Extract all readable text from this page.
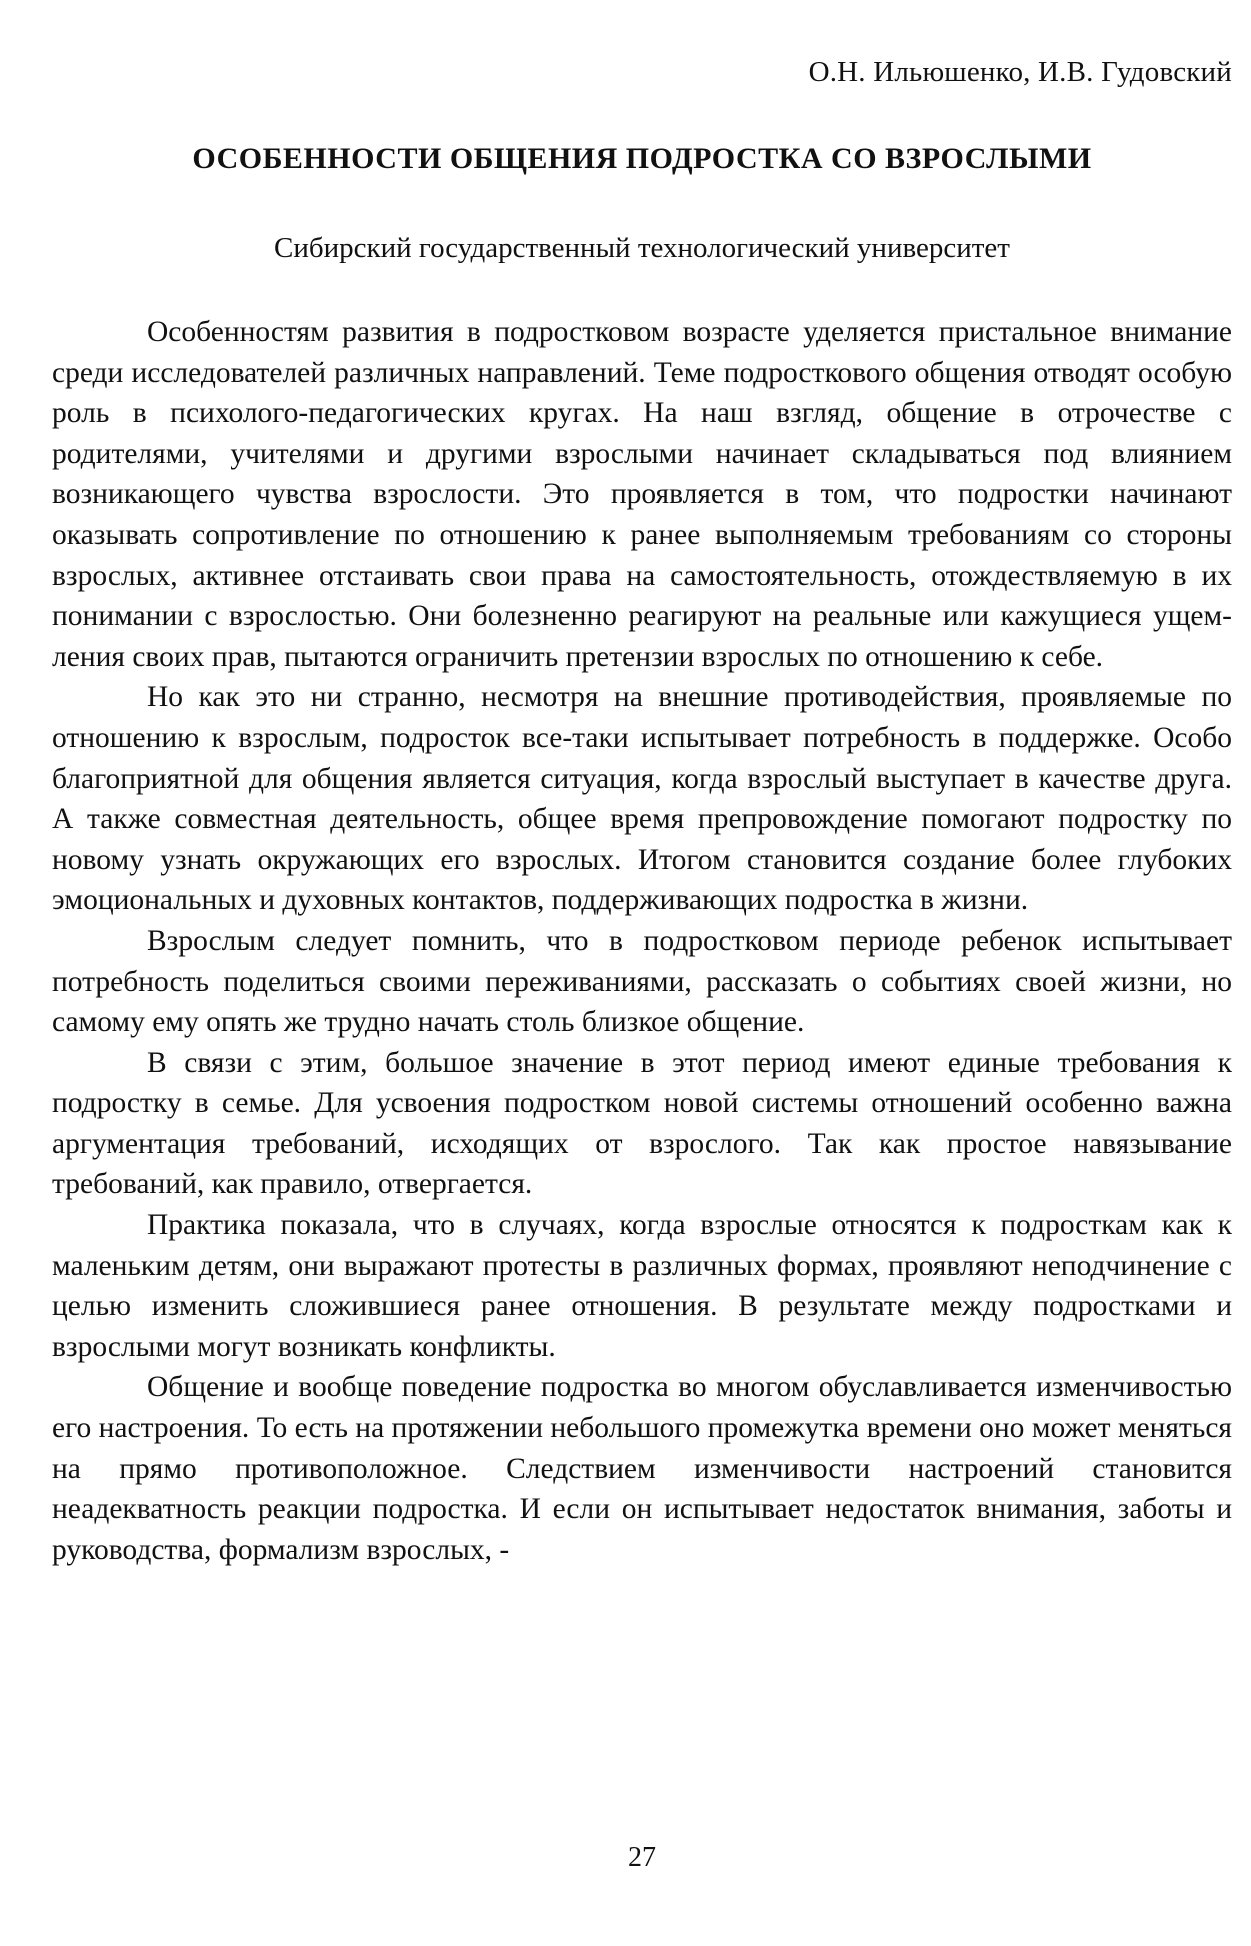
О.Н. Ильюшенко, И.В. Гудовский
ОСОБЕННОСТИ ОБЩЕНИЯ ПОДРОСТКА СО ВЗРОСЛЫМИ
Сибирский государственный технологический университет

Особенностям развития в подростковом возрасте уделяется пристальное внимание среди исследователей различных направлений. Теме подросткового общения отводят особую роль в психолого-педагогических кругах. На наш взгляд, общение в отрочестве с родителями, учителями и другими взрослыми начинает складываться под влиянием возникающего чувства взрослости. Это проявляется в том, что подростки начинают оказывать сопротивление по отношению к ранее выполняемым требованиям со стороны взрослых, активнее отстаивать свои права на самостоятельность, отождествляемую в их понимании с взрослостью. Они болезненно реагируют на реальные или кажущиеся ущемления своих прав, пытаются ограничить претензии взрослых по отношению к себе.

Но как это ни странно, несмотря на внешние противодействия, проявляемые по отношению к взрослым, подросток все-таки испытывает потребность в поддержке. Особо благоприятной для общения является ситуация, когда взрослый выступает в качестве друга. А также совместная деятельность, общее время препровождение помогают подростку по новому узнать окружающих его взрослых. Итогом становится создание более глубоких эмоциональных и духовных контактов, поддерживающих подростка в жизни.

Взрослым следует помнить, что в подростковом периоде ребенок испытывает потребность поделиться своими переживаниями, рассказать о событиях своей жизни, но самому ему опять же трудно начать столь близкое общение.

В связи с этим, большое значение в этот период имеют единые требования к подростку в семье. Для усвоения подростком новой системы отношений особенно важна аргументация требований, исходящих от взрослого. Так как простое навязывание требований, как правило, отвергается.

Практика показала, что в случаях, когда взрослые относятся к подросткам как к маленьким детям, они выражают протесты в различных формах, проявляют неподчинение с целью изменить сложившиеся ранее отношения. В результате между подростками и взрослыми могут возникать конфликты.

Общение и вообще поведение подростка во многом обуславливается изменчивостью его настроения. То есть на протяжении небольшого промежутка времени оно может меняться на прямо противоположное. Следствием изменчивости настроений становится неадекватность реакции подростка. И если он испытывает недостаток внимания, заботы и руководства, формализм взрослых, -

27
